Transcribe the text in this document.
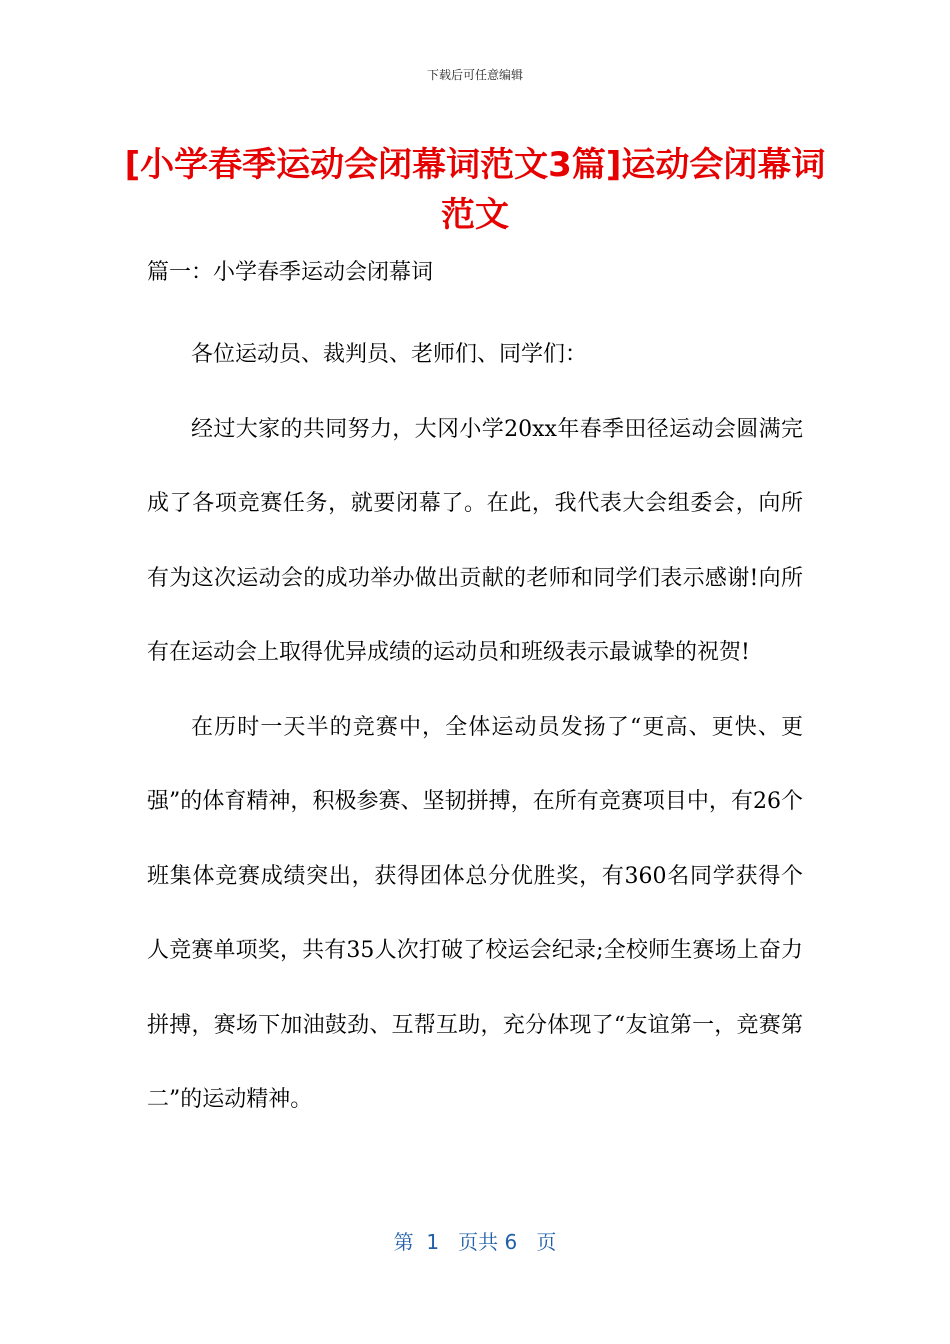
下载后可任意编辑
[小学春季运动会闭幕词范文3篇]运动会闭幕词范文
篇一：小学春季运动会闭幕词

各位运动员、裁判员、老师们、同学们：

经过大家的共同努力，大冈小学20xx年春季田径运动会圆满完成了各项竞赛任务，就要闭幕了。在此，我代表大会组委会，向所有为这次运动会的成功举办做出贡献的老师和同学们表示感谢!向所有在运动会上取得优异成绩的运动员和班级表示最诚挚的祝贺!

在历时一天半的竞赛中，全体运动员发扬了“更高、更快、更强”的体育精神，积极参赛、坚韧拼搏，在所有竞赛项目中，有26个班集体竞赛成绩突出，获得团体总分优胜奖，有360名同学获得个人竞赛单项奖，共有35人次打破了校运会纪录;全校师生赛场上奋力拼搏，赛场下加油鼓劲、互帮互助，充分体现了“友谊第一，竞赛第二”的运动精神。

第  1   页共 6   页
